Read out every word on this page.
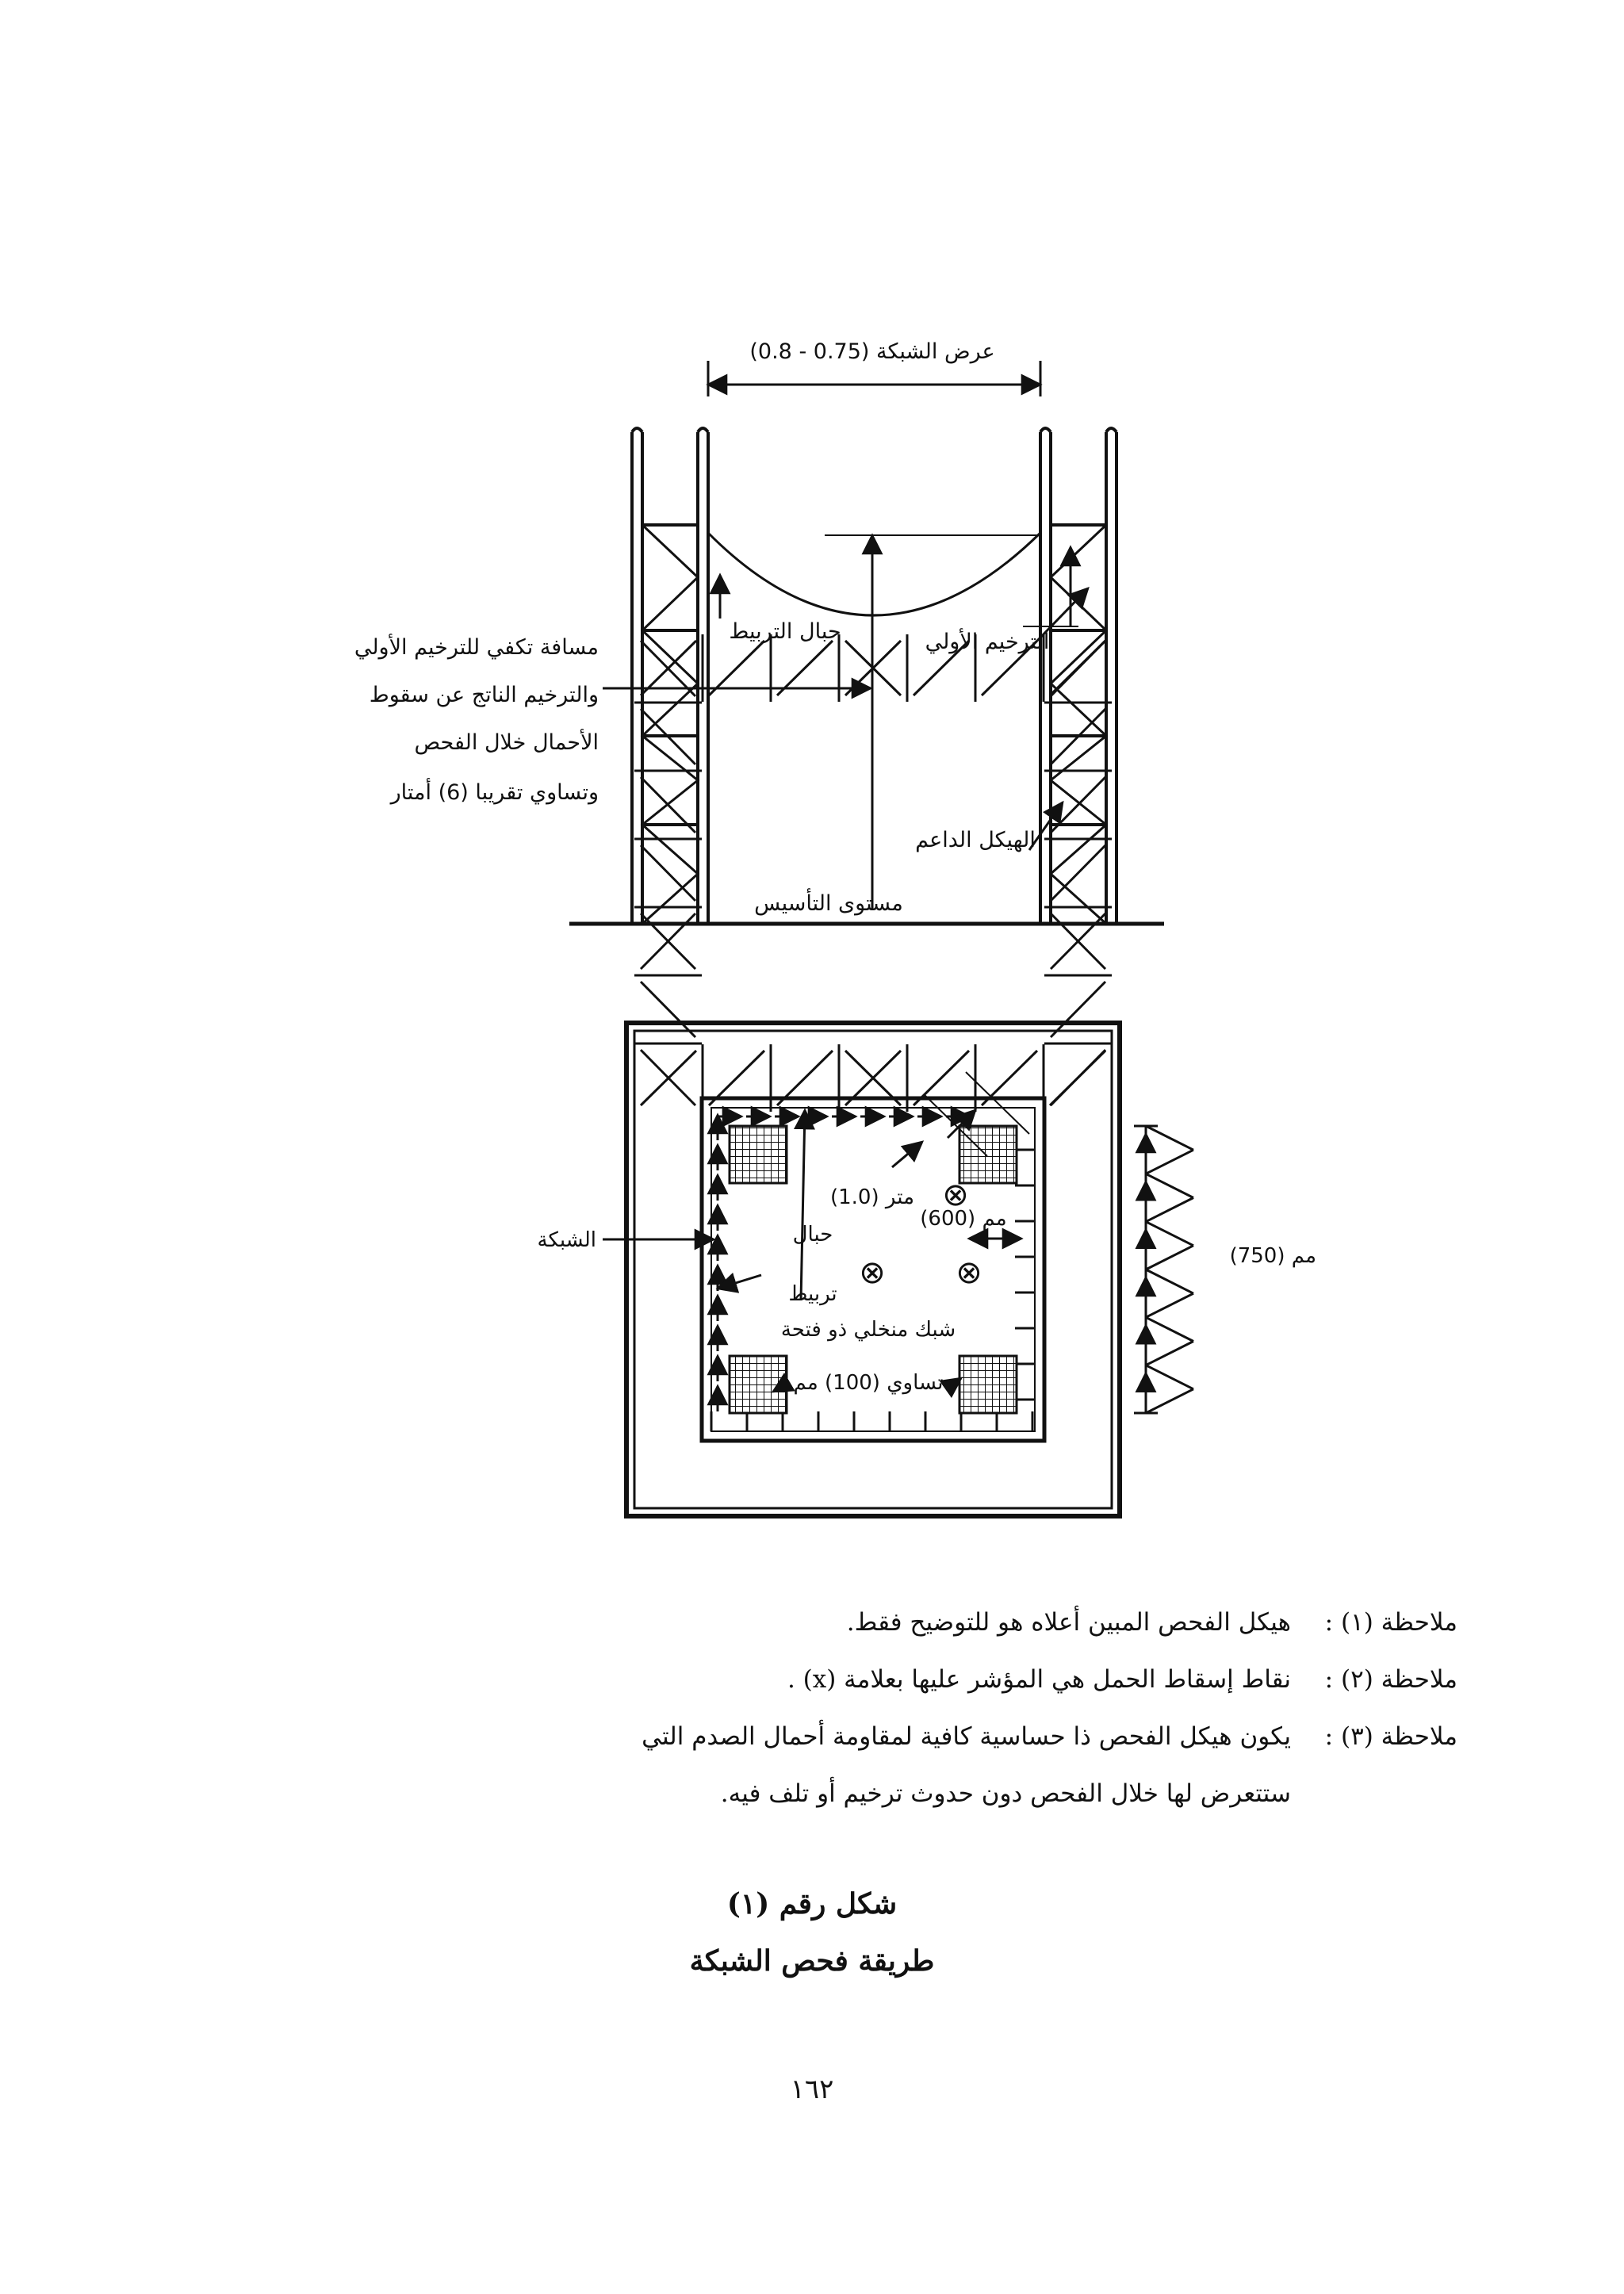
(0.8 - 0.75) عرض الشبكة
حبال التربيط	الترخيم الأولي
مسافة تكفي للترخيم الأولي
والترخيم الناتج عن سقوط
الأحمال خلال الفحص
وتساوي تقريبا (6) أمتار
الهيكل الداعم
مستوى التأسيس
⊗
⊗ ⊗
الشبكة
(1.0) متر
(600) مم
حبال
تربيط
شبك منخلي ذو فتحة
تساوي (100) مم
(750) مم
ملاحظة (١) :هيكل الفحص المبين أعلاه هو للتوضيح فقط.
ملاحظة (٢) :نقاط إسقاط الحمل هي المؤشر عليها بعلامة (x) .
ملاحظة (٣) :يكون هيكل الفحص ذا حساسية كافية لمقاومة أحمال الصدم التي
ستتعرض لها خلال الفحص دون حدوث ترخيم أو تلف فيه.
شكل رقم (١)
طريقة فحص الشبكة
١٦٢
